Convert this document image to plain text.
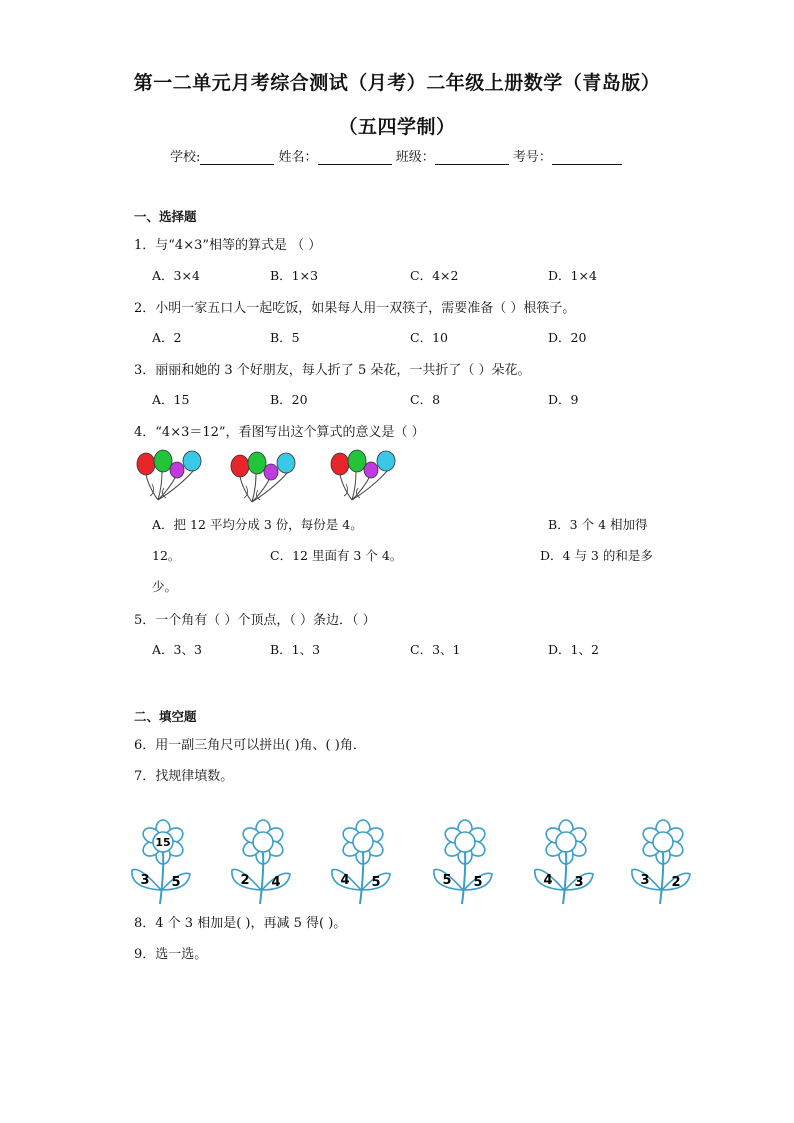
第一二单元月考综合测试（月考）二年级上册数学（青岛版）
（五四学制）
学校:	姓名：	班级：	考号：
一、选择题
1．与“4×3”相等的算式是 （ ）
A．3×4	B．1×3	C．4×2	D．1×4
2．小明一家五口人一起吃饭，如果每人用一双筷子，需要准备（ ）根筷子。
A．2	B．5	C．10	D．20
3．丽丽和她的 3 个好朋友，每人折了 5 朵花，一共折了（ ）朵花。
A．15	B．20	C．8	D．9
4．“4×3＝12”，看图写出这个算式的意义是（ ）
A．把 12 平均分成 3 份，每份是 4。	B．3 个 4 相加得
12。	C．12 里面有 3 个 4。	D．4 与 3 的和是多
少。
5．一个角有（ ）个顶点，（ ）条边．（ ）
A．3、3	B．1、3	C．3、1	D．1、2
二、填空题
6．用一副三角尺可以拼出( )角、( )角．
7．找规律填数。
15
3 5	2 4	4 5	5 5	4 3	3 2
8．4 个 3 相加是( )，再减 5 得( )。
9．选一选。
